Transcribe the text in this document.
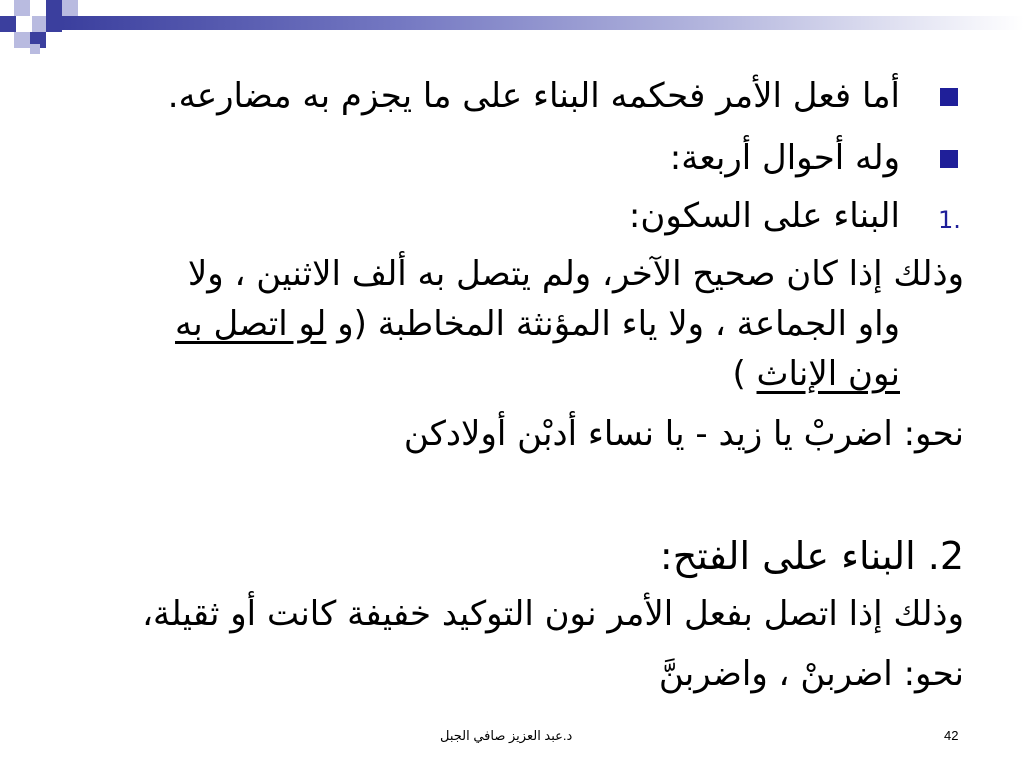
أما فعل الأمر فحكمه البناء على ما يجزم به مضارعه.
وله أحوال أربعة:
1.
البناء على السكون:
وذلك إذا كان صحيح الآخر، ولم يتصل به ألف الاثنين ، ولا
واو الجماعة ، ولا ياء المؤنثة المخاطبة (و لو اتصل به
نون الإناث )
نحو: اضربْ يا زيد - يا نساء أدبْن أولادكن
2. البناء على الفتح:
وذلك إذا اتصل بفعل الأمر نون التوكيد خفيفة كانت أو ثقيلة،
نحو: اضربنْ ، واضربنَّ
د.عبد العزيز صافي الجبل	42
